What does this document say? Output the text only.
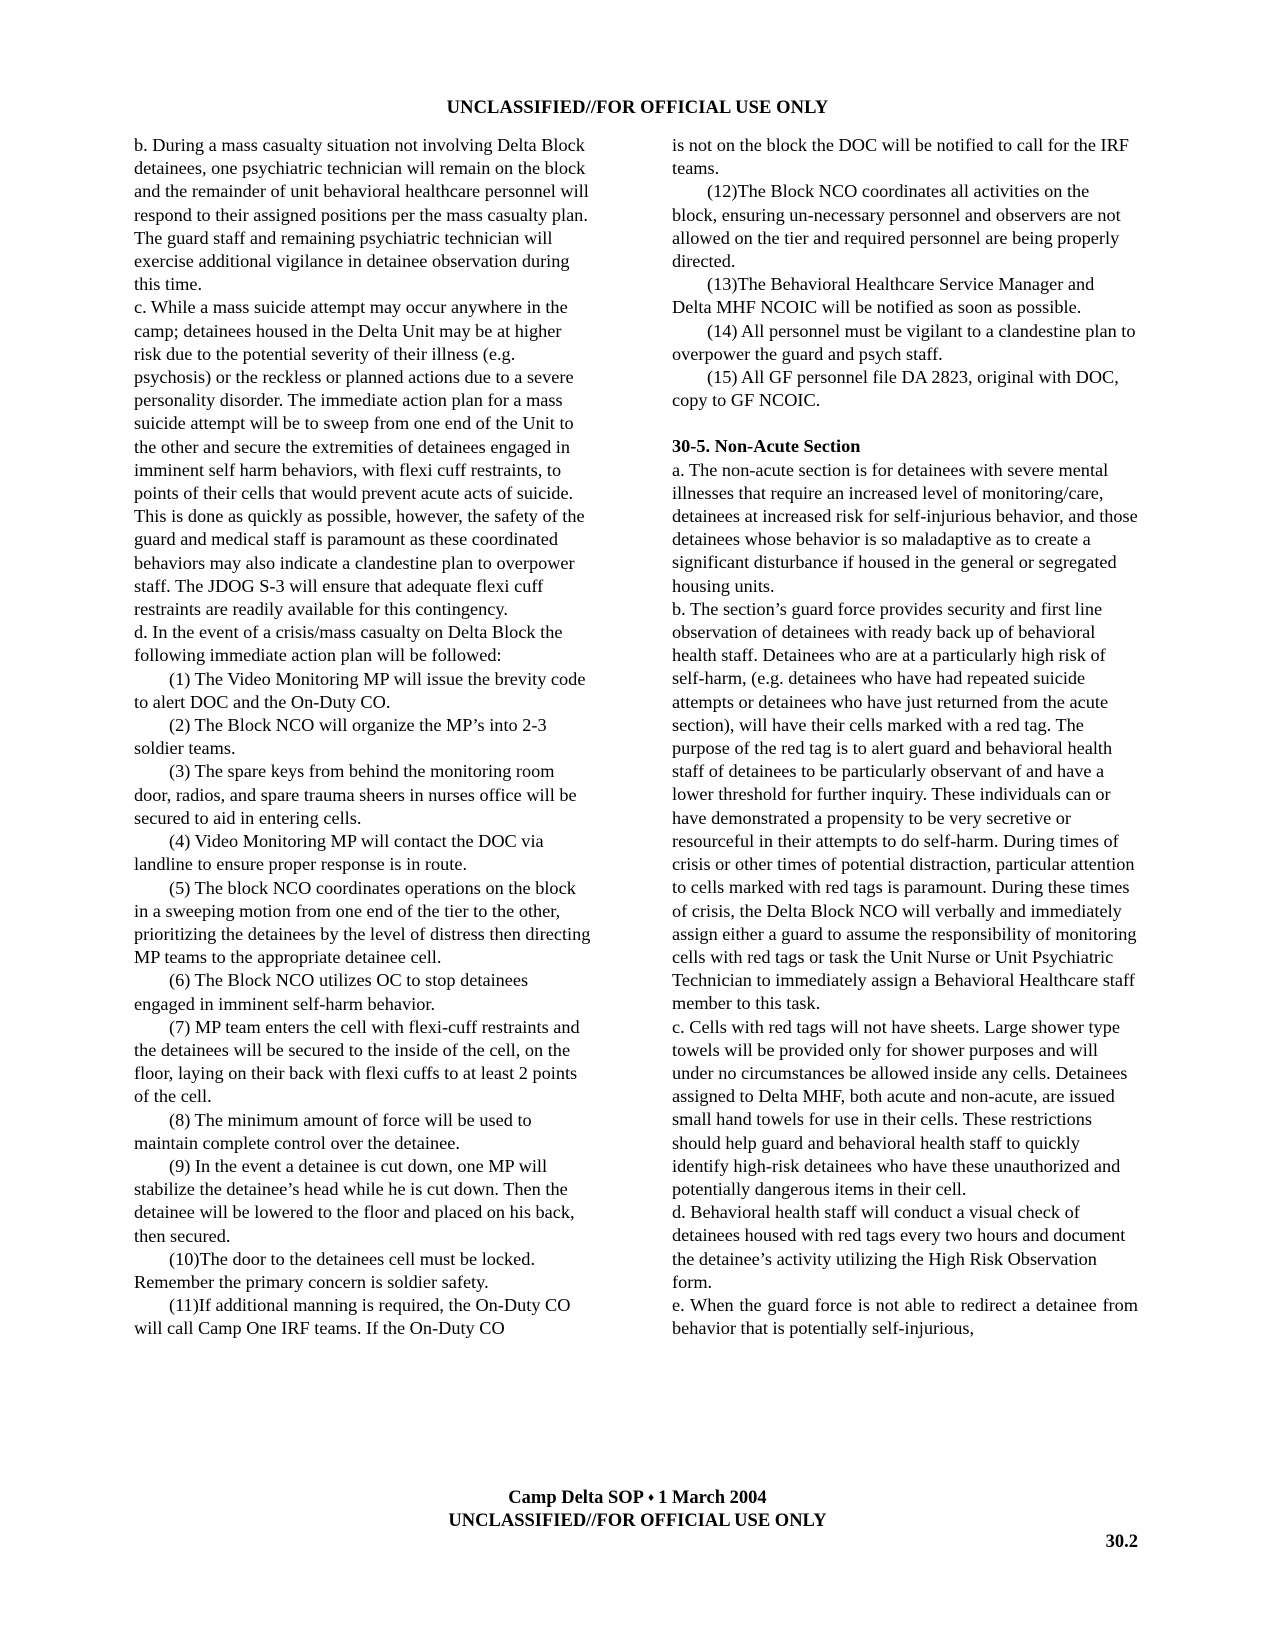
UNCLASSIFIED//FOR OFFICIAL USE ONLY

b. During a mass casualty situation not involving Delta Block detainees, one psychiatric technician will remain on the block and the remainder of unit behavioral healthcare personnel will respond to their assigned positions per the mass casualty plan. The guard staff and remaining psychiatric technician will exercise additional vigilance in detainee observation during this time.

c. While a mass suicide attempt may occur anywhere in the camp; detainees housed in the Delta Unit may be at higher risk due to the potential severity of their illness (e.g. psychosis) or the reckless or planned actions due to a severe personality disorder. The immediate action plan for a mass suicide attempt will be to sweep from one end of the Unit to the other and secure the extremities of detainees engaged in imminent self harm behaviors, with flexi cuff restraints, to points of their cells that would prevent acute acts of suicide. This is done as quickly as possible, however, the safety of the guard and medical staff is paramount as these coordinated behaviors may also indicate a clandestine plan to overpower staff. The JDOG S-3 will ensure that adequate flexi cuff restraints are readily available for this contingency.

d. In the event of a crisis/mass casualty on Delta Block the following immediate action plan will be followed:

(1) The Video Monitoring MP will issue the brevity code to alert DOC and the On-Duty CO.

(2) The Block NCO will organize the MP’s into 2-3 soldier teams.

(3) The spare keys from behind the monitoring room door, radios, and spare trauma sheers in nurses office will be secured to aid in entering cells.

(4) Video Monitoring MP will contact the DOC via landline to ensure proper response is in route.

(5) The block NCO coordinates operations on the block in a sweeping motion from one end of the tier to the other, prioritizing the detainees by the level of distress then directing MP teams to the appropriate detainee cell.

(6) The Block NCO utilizes OC to stop detainees engaged in imminent self-harm behavior.

(7) MP team enters the cell with flexi-cuff restraints and the detainees will be secured to the inside of the cell, on the floor, laying on their back with flexi cuffs to at least 2 points of the cell.

(8) The minimum amount of force will be used to maintain complete control over the detainee.

(9) In the event a detainee is cut down, one MP will stabilize the detainee’s head while he is cut down. Then the detainee will be lowered to the floor and placed on his back, then secured.

(10)The door to the detainees cell must be locked. Remember the primary concern is soldier safety.

(11)If additional manning is required, the On-Duty CO will call Camp One IRF teams. If the On-Duty CO

is not on the block the DOC will be notified to call for the IRF teams.

(12)The Block NCO coordinates all activities on the block, ensuring un-necessary personnel and observers are not allowed on the tier and required personnel are being properly directed.

(13)The Behavioral Healthcare Service Manager and Delta MHF NCOIC will be notified as soon as possible.

(14) All personnel must be vigilant to a clandestine plan to overpower the guard and psych staff.

(15) All GF personnel file DA 2823, original with DOC, copy to GF NCOIC.

30-5. Non-Acute Section

a. The non-acute section is for detainees with severe mental illnesses that require an increased level of monitoring/care, detainees at increased risk for self-injurious behavior, and those detainees whose behavior is so maladaptive as to create a significant disturbance if housed in the general or segregated housing units.

b. The section’s guard force provides security and first line observation of detainees with ready back up of behavioral health staff. Detainees who are at a particularly high risk of self-harm, (e.g. detainees who have had repeated suicide attempts or detainees who have just returned from the acute section), will have their cells marked with a red tag. The purpose of the red tag is to alert guard and behavioral health staff of detainees to be particularly observant of and have a lower threshold for further inquiry. These individuals can or have demonstrated a propensity to be very secretive or resourceful in their attempts to do self-harm. During times of crisis or other times of potential distraction, particular attention to cells marked with red tags is paramount. During these times of crisis, the Delta Block NCO will verbally and immediately assign either a guard to assume the responsibility of monitoring cells with red tags or task the Unit Nurse or Unit Psychiatric Technician to immediately assign a Behavioral Healthcare staff member to this task.

c. Cells with red tags will not have sheets. Large shower type towels will be provided only for shower purposes and will under no circumstances be allowed inside any cells. Detainees assigned to Delta MHF, both acute and non-acute, are issued small hand towels for use in their cells. These restrictions should help guard and behavioral health staff to quickly identify high-risk detainees who have these unauthorized and potentially dangerous items in their cell.

d. Behavioral health staff will conduct a visual check of detainees housed with red tags every two hours and document the detainee’s activity utilizing the High Risk Observation form.

e. When the guard force is not able to redirect a detainee from behavior that is potentially self-injurious,

Camp Delta SOP ♦ 1 March 2004
UNCLASSIFIED//FOR OFFICIAL USE ONLY
30.2
